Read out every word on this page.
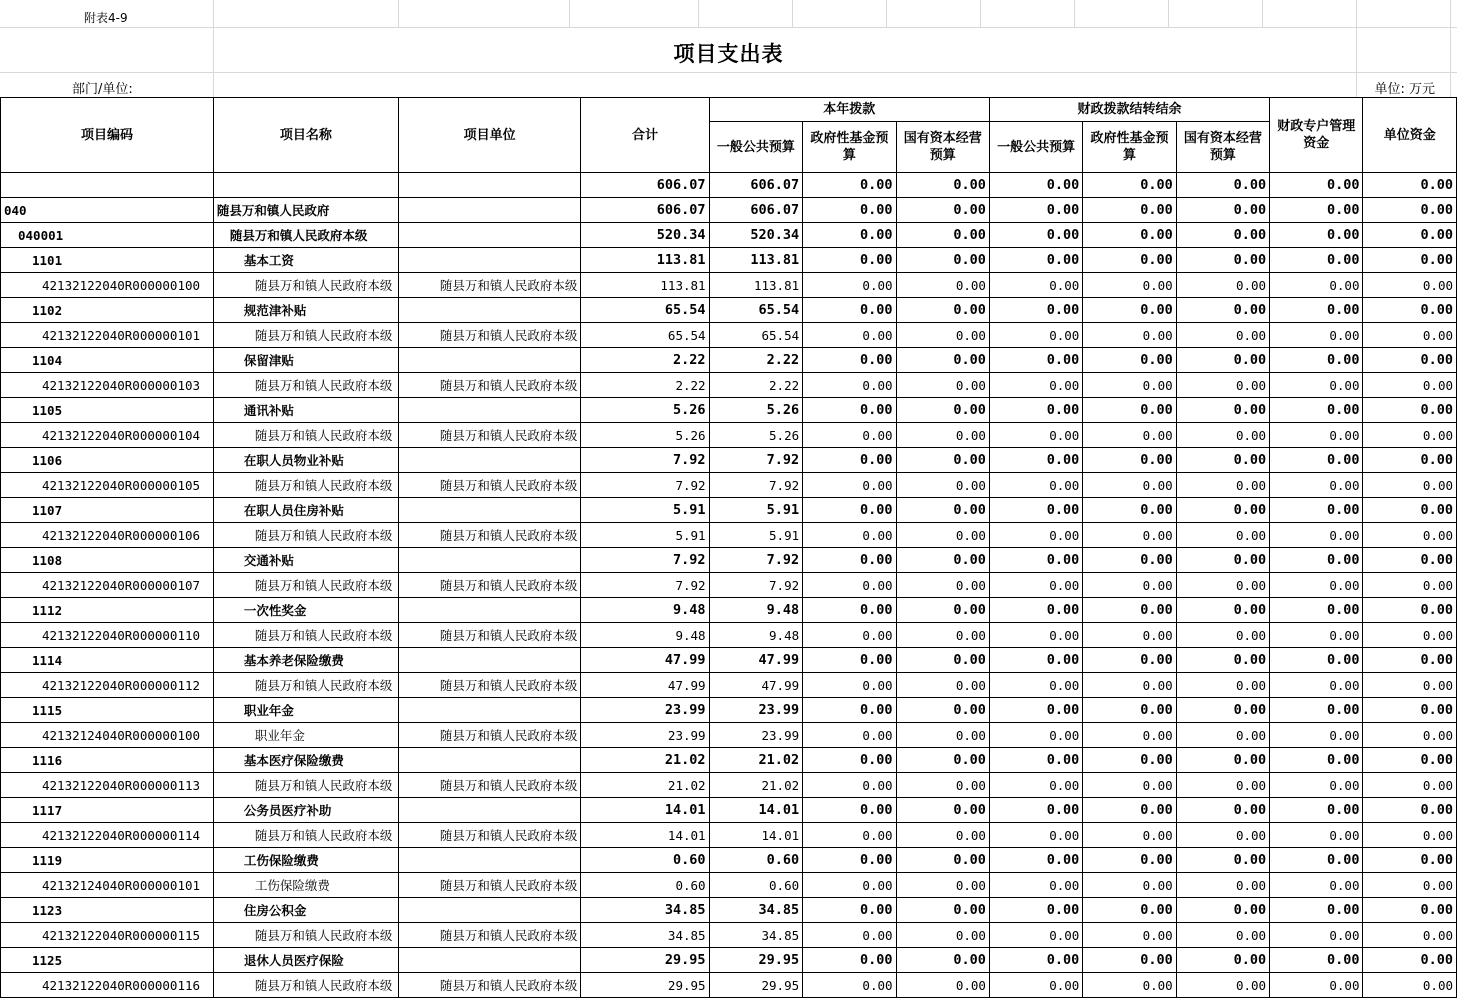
附表4-9
项目支出表
部门/单位:	单位: 万元
项目编码	项目名称	项目单位	合计	本年拨款			财政拨款结转结余			财政专户管理资金	单位资金
				一般公共预算	政府性基金预算	国有资本经营预算	一般公共预算	政府性基金预算	国有资本经营预算		
			606.07	606.07	0.00	0.00	0.00	0.00	0.00	0.00	0.00
040	随县万和镇人民政府		606.07	606.07	0.00	0.00	0.00	0.00	0.00	0.00	0.00
040001	随县万和镇人民政府本级		520.34	520.34	0.00	0.00	0.00	0.00	0.00	0.00	0.00
1101	基本工资		113.81	113.81	0.00	0.00	0.00	0.00	0.00	0.00	0.00
42132122040R000000100	随县万和镇人民政府本级	随县万和镇人民政府本级	113.81	113.81	0.00	0.00	0.00	0.00	0.00	0.00	0.00
1102	规范津补贴		65.54	65.54	0.00	0.00	0.00	0.00	0.00	0.00	0.00
42132122040R000000101	随县万和镇人民政府本级	随县万和镇人民政府本级	65.54	65.54	0.00	0.00	0.00	0.00	0.00	0.00	0.00
1104	保留津贴		2.22	2.22	0.00	0.00	0.00	0.00	0.00	0.00	0.00
42132122040R000000103	随县万和镇人民政府本级	随县万和镇人民政府本级	2.22	2.22	0.00	0.00	0.00	0.00	0.00	0.00	0.00
1105	通讯补贴		5.26	5.26	0.00	0.00	0.00	0.00	0.00	0.00	0.00
42132122040R000000104	随县万和镇人民政府本级	随县万和镇人民政府本级	5.26	5.26	0.00	0.00	0.00	0.00	0.00	0.00	0.00
1106	在职人员物业补贴		7.92	7.92	0.00	0.00	0.00	0.00	0.00	0.00	0.00
42132122040R000000105	随县万和镇人民政府本级	随县万和镇人民政府本级	7.92	7.92	0.00	0.00	0.00	0.00	0.00	0.00	0.00
1107	在职人员住房补贴		5.91	5.91	0.00	0.00	0.00	0.00	0.00	0.00	0.00
42132122040R000000106	随县万和镇人民政府本级	随县万和镇人民政府本级	5.91	5.91	0.00	0.00	0.00	0.00	0.00	0.00	0.00
1108	交通补贴		7.92	7.92	0.00	0.00	0.00	0.00	0.00	0.00	0.00
42132122040R000000107	随县万和镇人民政府本级	随县万和镇人民政府本级	7.92	7.92	0.00	0.00	0.00	0.00	0.00	0.00	0.00
1112	一次性奖金		9.48	9.48	0.00	0.00	0.00	0.00	0.00	0.00	0.00
42132122040R000000110	随县万和镇人民政府本级	随县万和镇人民政府本级	9.48	9.48	0.00	0.00	0.00	0.00	0.00	0.00	0.00
1114	基本养老保险缴费		47.99	47.99	0.00	0.00	0.00	0.00	0.00	0.00	0.00
42132122040R000000112	随县万和镇人民政府本级	随县万和镇人民政府本级	47.99	47.99	0.00	0.00	0.00	0.00	0.00	0.00	0.00
1115	职业年金		23.99	23.99	0.00	0.00	0.00	0.00	0.00	0.00	0.00
42132124040R000000100	职业年金	随县万和镇人民政府本级	23.99	23.99	0.00	0.00	0.00	0.00	0.00	0.00	0.00
1116	基本医疗保险缴费		21.02	21.02	0.00	0.00	0.00	0.00	0.00	0.00	0.00
42132122040R000000113	随县万和镇人民政府本级	随县万和镇人民政府本级	21.02	21.02	0.00	0.00	0.00	0.00	0.00	0.00	0.00
1117	公务员医疗补助		14.01	14.01	0.00	0.00	0.00	0.00	0.00	0.00	0.00
42132122040R000000114	随县万和镇人民政府本级	随县万和镇人民政府本级	14.01	14.01	0.00	0.00	0.00	0.00	0.00	0.00	0.00
1119	工伤保险缴费		0.60	0.60	0.00	0.00	0.00	0.00	0.00	0.00	0.00
42132124040R000000101	工伤保险缴费	随县万和镇人民政府本级	0.60	0.60	0.00	0.00	0.00	0.00	0.00	0.00	0.00
1123	住房公积金		34.85	34.85	0.00	0.00	0.00	0.00	0.00	0.00	0.00
42132122040R000000115	随县万和镇人民政府本级	随县万和镇人民政府本级	34.85	34.85	0.00	0.00	0.00	0.00	0.00	0.00	0.00
1125	退休人员医疗保险		29.95	29.95	0.00	0.00	0.00	0.00	0.00	0.00	0.00
42132122040R000000116	随县万和镇人民政府本级	随县万和镇人民政府本级	29.95	29.95	0.00	0.00	0.00	0.00	0.00	0.00	0.00
